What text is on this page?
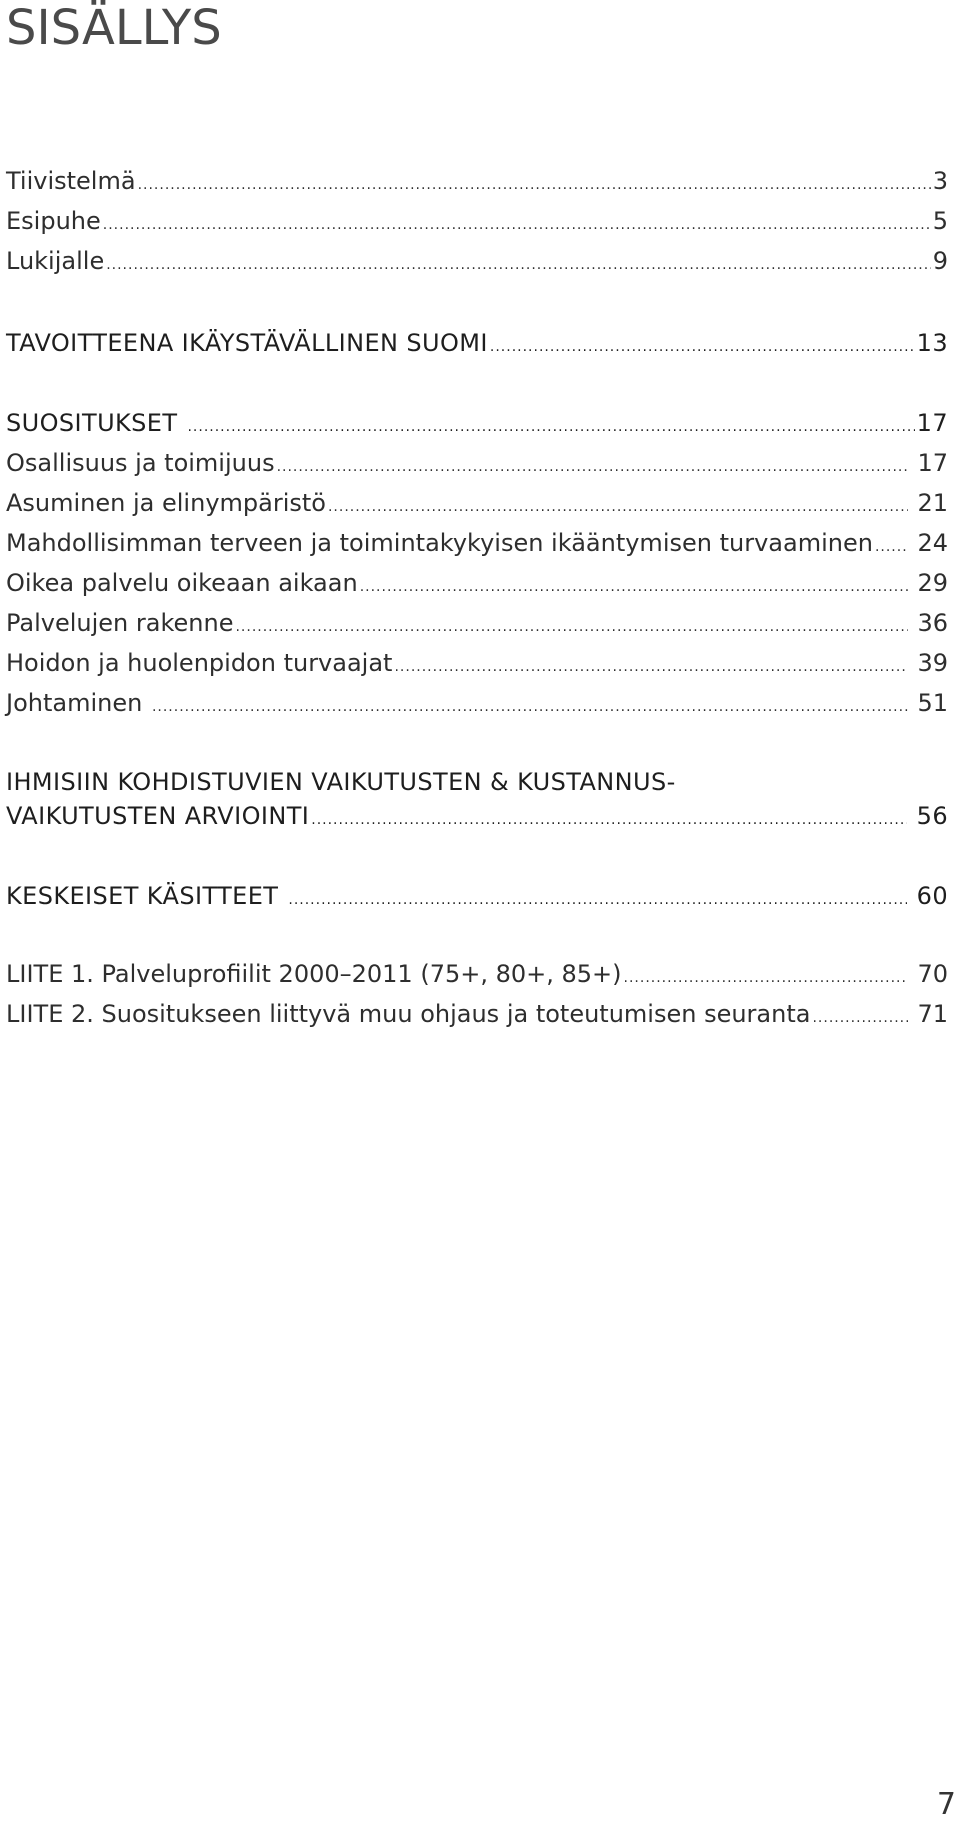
SISÄLLYS
Tiivistelmä .....	3
Esipuhe .....	5
Lukijalle .....	9
TAVOITTEENA IKÄYSTÄVÄLLINEN SUOMI .....	13
SUOSITUKSET .....	17
Osallisuus ja toimijuus .....	17
Asuminen ja elinympäristö .....	21
Mahdollisimman terveen ja toimintakykyisen ikääntymisen turvaaminen ..... 24
Oikea palvelu oikeaan aikaan .....	29
Palvelujen rakenne .....	36
Hoidon ja huolenpidon turvaajat .....	39
Johtaminen .....	51
IHMISIIN KOHDISTUVIEN VAIKUTUSTEN & KUSTANNUS-
VAIKUTUSTEN ARVIOINTI .....	56
KESKEISET KÄSITTEET .....	60
LIITE 1. Palveluprofiilit 2000–2011 (75+, 80+, 85+) .....	70
LIITE 2. Suositukseen liittyvä muu ohjaus ja toteutumisen seuranta .....	71
7
